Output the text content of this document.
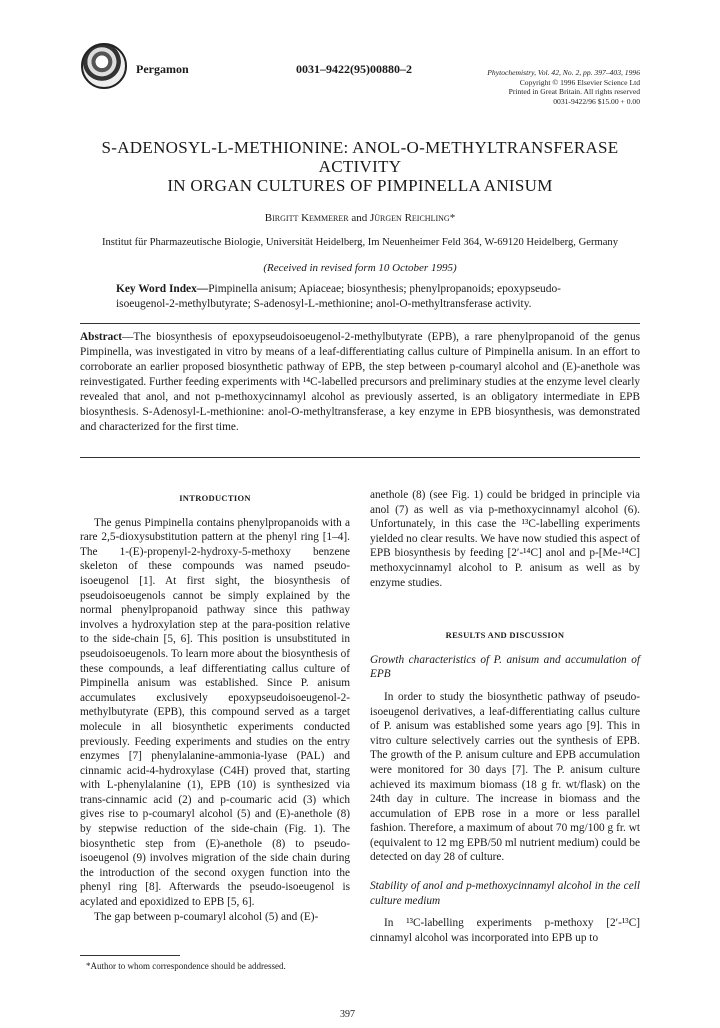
Pergamon	0031–9422(95)00880–2	Phytochemistry, Vol. 42, No. 2, pp. 397–403, 1996
Copyright © 1996 Elsevier Science Ltd
Printed in Great Britain. All rights reserved
0031-9422/96 $15.00 + 0.00
S-ADENOSYL-L-METHIONINE: ANOL-O-METHYLTRANSFERASE ACTIVITY
IN ORGAN CULTURES OF PIMPINELLA ANISUM
Birgitt Kemmerer and Jürgen Reichling*
Institut für Pharmazeutische Biologie, Universität Heidelberg, Im Neuenheimer Feld 364, W-69120 Heidelberg, Germany
(Received in revised form 10 October 1995)
Key Word Index—Pimpinella anisum; Apiaceae; biosynthesis; phenylpropanoids; epoxypseudo-isoeugenol-2-methylbutyrate; S-adenosyl-L-methionine; anol-O-methyltransferase activity.
Abstract—The biosynthesis of epoxypseudoisoeugenol-2-methylbutyrate (EPB), a rare phenylpropanoid of the genus Pimpinella, was investigated in vitro by means of a leaf-differentiating callus culture of Pimpinella anisum. In an effort to corroborate an earlier proposed biosynthetic pathway of EPB, the step between p-coumaryl alcohol and (E)-anethole was reinvestigated. Further feeding experiments with ¹⁴C-labelled precursors and preliminary studies at the enzyme level clearly revealed that anol, and not p-methoxycinnamyl alcohol as previously asserted, is an obligatory intermediate in EPB biosynthesis. S-Adenosyl-L-methionine: anol-O-methyltransferase, a key enzyme in EPB biosynthesis, was demonstrated and characterized for the first time.

INTRODUCTION

The genus Pimpinella contains phenylpropanoids with a rare 2,5-dioxysubstitution pattern at the phenyl ring [1–4]. The 1-(E)-propenyl-2-hydroxy-5-methoxy benzene skeleton of these compounds was named pseudo-isoeugenol [1]. At first sight, the biosynthesis of pseudoisoeugenols cannot be simply explained by the normal phenylpropanoid pathway since this pathway involves a hydroxylation step at the para-position relative to the side-chain [5, 6]. This position is unsubstituted in pseudoisoeugenols. To learn more about the biosynthesis of these compounds, a leaf differentiating callus culture of Pimpinella anisum was established. Since P. anisum accumulates exclusively epoxypseudoisoeugenol-2-methylbutyrate (EPB), this compound served as a target molecule in all biosynthetic experiments conducted previously. Feeding experiments and studies on the entry enzymes [7] phenylalanine-ammonia-lyase (PAL) and cinnamic acid-4-hydroxylase (C4H) proved that, starting with L-phenylalanine (1), EPB (10) is synthesized via trans-cinnamic acid (2) and p-coumaric acid (3) which gives rise to p-coumaryl alcohol (5) and (E)-anethole (8) by stepwise reduction of the side-chain (Fig. 1). The biosynthetic step from (E)-anethole (8) to pseudo-isoeugenol (9) involves migration of the side chain during the introduction of the second oxygen function into the phenyl ring [8]. Afterwards the pseudo-isoeugenol is acylated and epoxidized to EPB [5, 6].

The gap between p-coumaryl alcohol (5) and (E)-

anethole (8) (see Fig. 1) could be bridged in principle via anol (7) as well as via p-methoxycinnamyl alcohol (6). Unfortunately, in this case the ¹³C-labelling experiments yielded no clear results. We have now studied this aspect of EPB biosynthesis by feeding [2′-¹⁴C] anol and p-[Me-¹⁴C] methoxycinnamyl alcohol to P. anisum as well as by enzyme studies.

RESULTS AND DISCUSSION

Growth characteristics of P. anisum and accumulation of EPB

In order to study the biosynthetic pathway of pseudo-isoeugenol derivatives, a leaf-differentiating callus culture of P. anisum was established some years ago [9]. This in vitro culture selectively carries out the synthesis of EPB. The growth of the P. anisum culture and EPB accumulation were monitored for 30 days [7]. The P. anisum culture achieved its maximum biomass (18 g fr. wt/flask) on the 24th day in culture. The increase in biomass and the accumulation of EPB rose in a more or less parallel fashion. Therefore, a maximum of about 70 mg/100 g fr. wt (equivalent to 12 mg EPB/50 ml nutrient medium) could be detected on day 28 of culture.

Stability of anol and p-methoxycinnamyl alcohol in the cell culture medium

In ¹³C-labelling experiments p-methoxy [2′-¹³C] cinnamyl alcohol was incorporated into EPB up to

*Author to whom correspondence should be addressed.
397
